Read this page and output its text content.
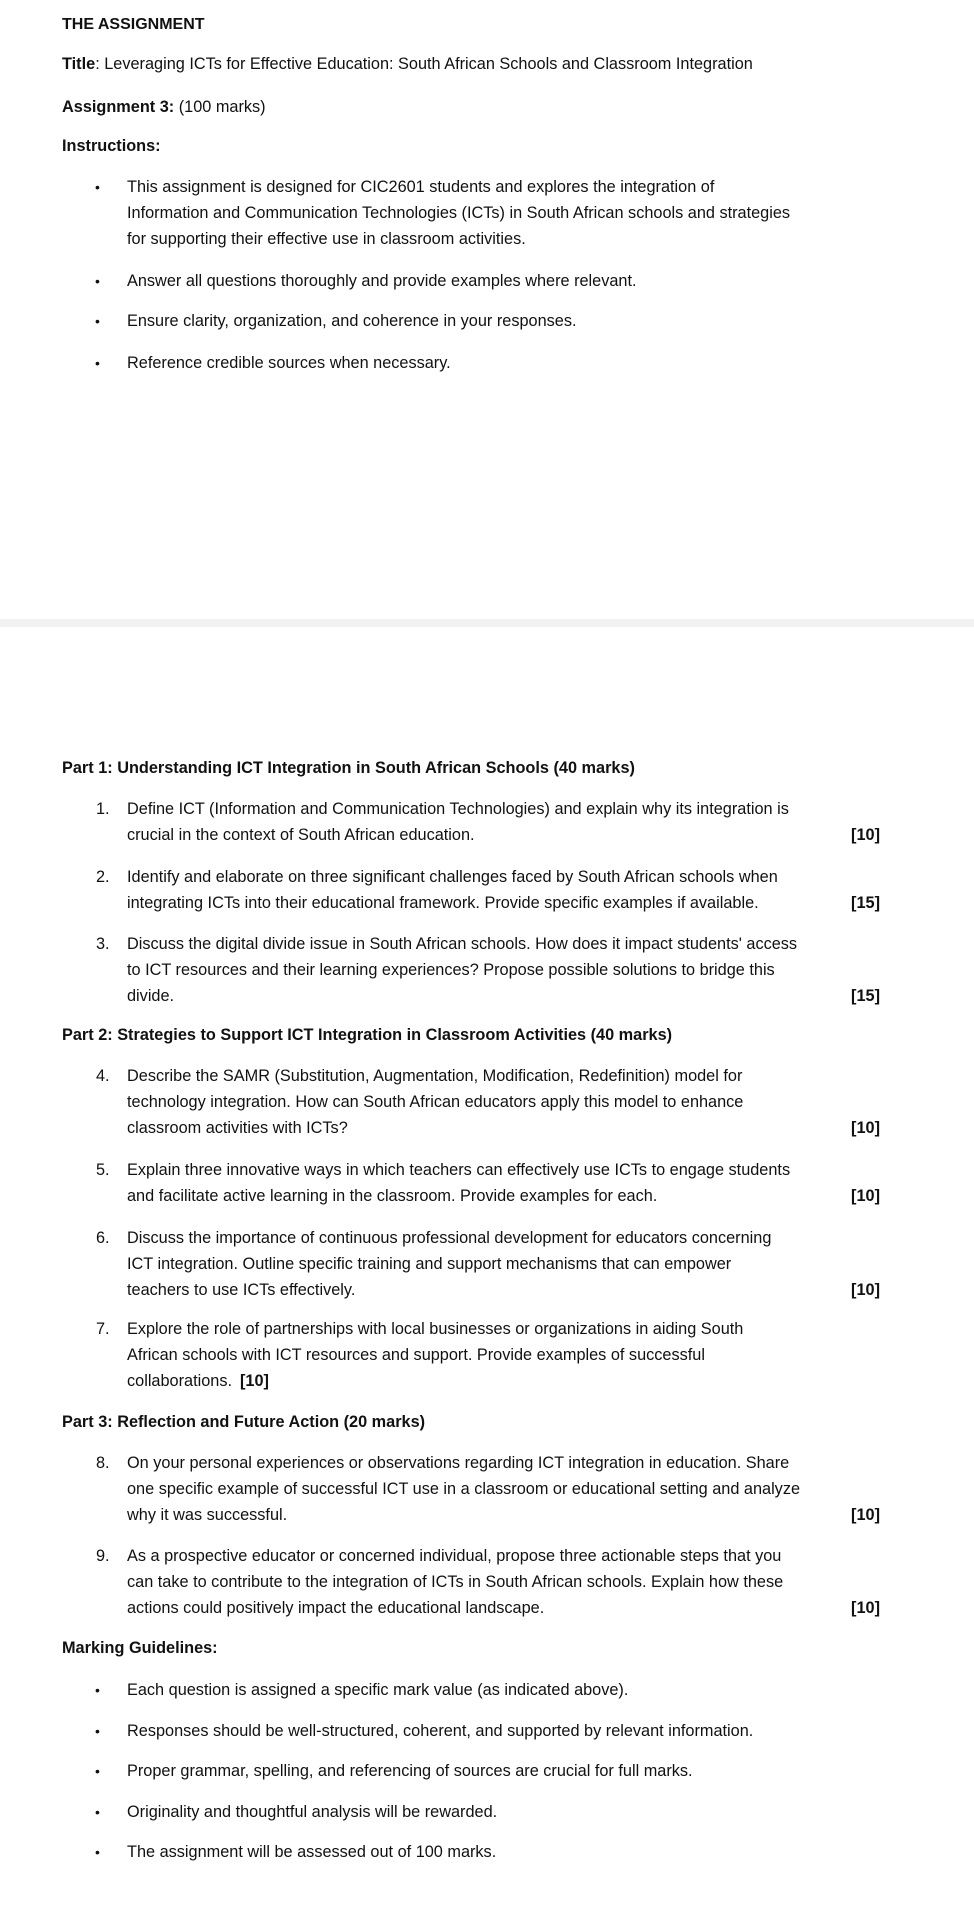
THE ASSIGNMENT
Title: Leveraging ICTs for Effective Education: South African Schools and Classroom Integration
Assignment 3: (100 marks)
Instructions:
• This assignment is designed for CIC2601 students and explores the integration of
Information and Communication Technologies (ICTs) in South African schools and strategies
for supporting their effective use in classroom activities.
• Answer all questions thoroughly and provide examples where relevant.
• Ensure clarity, organization, and coherence in your responses.
• Reference credible sources when necessary.
Part 1: Understanding ICT Integration in South African Schools (40 marks)
Part 2: Strategies to Support ICT Integration in Classroom Activities (40 marks)
Part 3: Reflection and Future Action (20 marks)
1. Define ICT (Information and Communication Technologies) and explain why its integration is
crucial in the context of South African education.	[10]
2. Identify and elaborate on three significant challenges faced by South African schools when
integrating ICTs into their educational framework. Provide specific examples if available.	[15]
3. Discuss the digital divide issue in South African schools. How does it impact students' access
to ICT resources and their learning experiences? Propose possible solutions to bridge this
divide.	[15]
4. Describe the SAMR (Substitution, Augmentation, Modification, Redefinition) model for
technology integration. How can South African educators apply this model to enhance
classroom activities with ICTs?	[10]
5. Explain three innovative ways in which teachers can effectively use ICTs to engage students
and facilitate active learning in the classroom. Provide examples for each.	[10]
6. Discuss the importance of continuous professional development for educators concerning
ICT integration. Outline specific training and support mechanisms that can empower
teachers to use ICTs effectively.	[10]
7. Explore the role of partnerships with local businesses or organizations in aiding South
African schools with ICT resources and support. Provide examples of successful
collaborations. [10]
8. On your personal experiences or observations regarding ICT integration in education. Share
one specific example of successful ICT use in a classroom or educational setting and analyze
why it was successful.	[10]
9. As a prospective educator or concerned individual, propose three actionable steps that you
can take to contribute to the integration of ICTs in South African schools. Explain how these
actions could positively impact the educational landscape.	[10]
Marking Guidelines:
• Each question is assigned a specific mark value (as indicated above).
• Responses should be well-structured, coherent, and supported by relevant information.
• Proper grammar, spelling, and referencing of sources are crucial for full marks.
• Originality and thoughtful analysis will be rewarded.
• The assignment will be assessed out of 100 marks.
